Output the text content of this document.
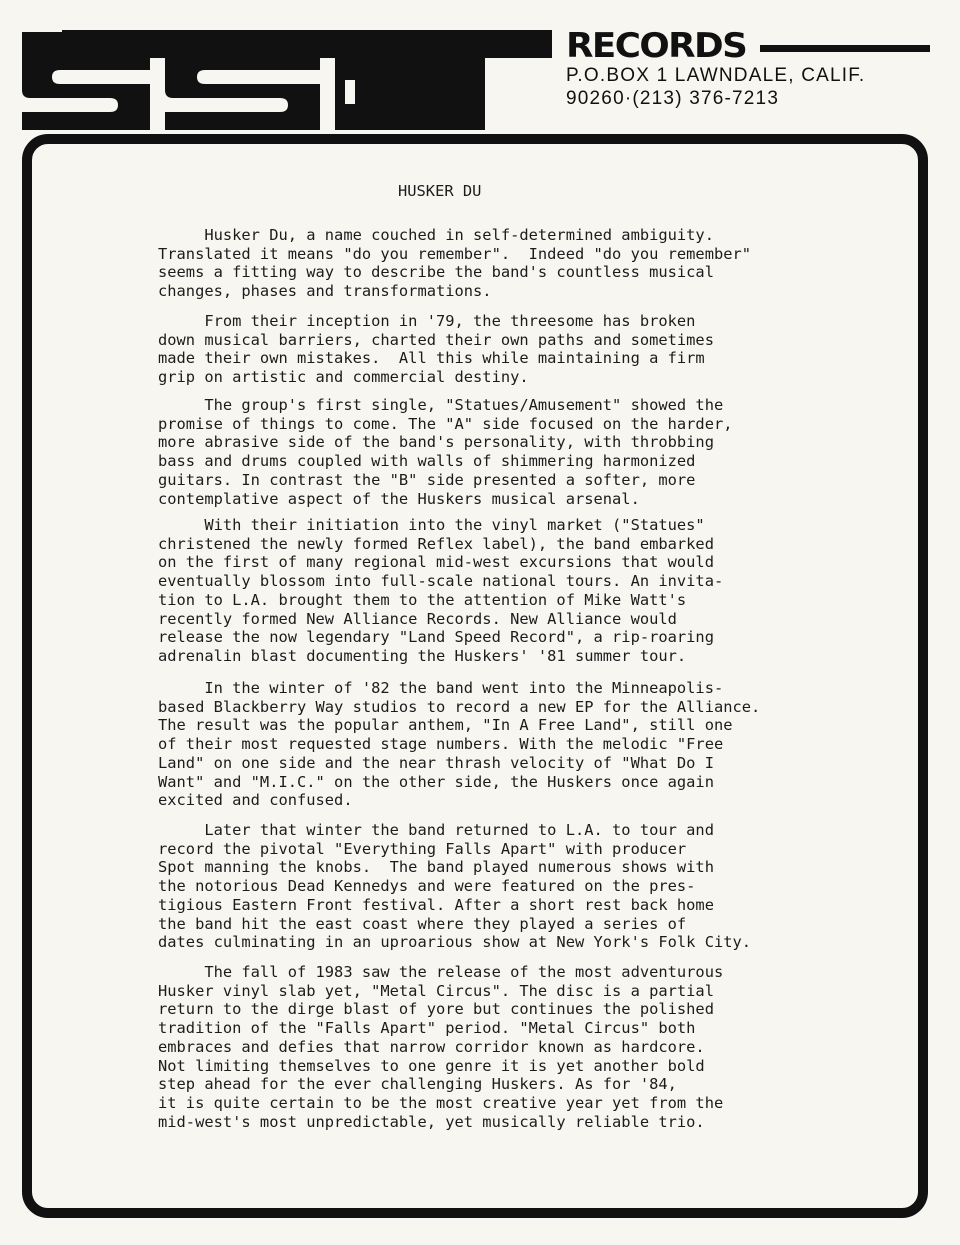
RECORDS
P.O.BOX 1 LAWNDALE, CALIF.
90260·(213) 376-7213
HUSKER DU
Husker Du, a name couched in self-determined ambiguity.
Translated it means "do you remember".  Indeed "do you remember"
seems a fitting way to describe the band's countless musical
changes, phases and transformations.
From their inception in '79, the threesome has broken
down musical barriers, charted their own paths and sometimes
made their own mistakes.  All this while maintaining a firm
grip on artistic and commercial destiny.
The group's first single, "Statues/Amusement" showed the
promise of things to come. The "A" side focused on the harder,
more abrasive side of the band's personality, with throbbing
bass and drums coupled with walls of shimmering harmonized
guitars. In contrast the "B" side presented a softer, more
contemplative aspect of the Huskers musical arsenal.
With their initiation into the vinyl market ("Statues"
christened the newly formed Reflex label), the band embarked
on the first of many regional mid-west excursions that would
eventually blossom into full-scale national tours. An invita-
tion to L.A. brought them to the attention of Mike Watt's
recently formed New Alliance Records. New Alliance would
release the now legendary "Land Speed Record", a rip-roaring
adrenalin blast documenting the Huskers' '81 summer tour.
In the winter of '82 the band went into the Minneapolis-
based Blackberry Way studios to record a new EP for the Alliance.
The result was the popular anthem, "In A Free Land", still one
of their most requested stage numbers. With the melodic "Free
Land" on one side and the near thrash velocity of "What Do I
Want" and "M.I.C." on the other side, the Huskers once again
excited and confused.
Later that winter the band returned to L.A. to tour and
record the pivotal "Everything Falls Apart" with producer
Spot manning the knobs.  The band played numerous shows with
the notorious Dead Kennedys and were featured on the pres-
tigious Eastern Front festival. After a short rest back home
the band hit the east coast where they played a series of
dates culminating in an uproarious show at New York's Folk City.
The fall of 1983 saw the release of the most adventurous
Husker vinyl slab yet, "Metal Circus". The disc is a partial
return to the dirge blast of yore but continues the polished
tradition of the "Falls Apart" period. "Metal Circus" both
embraces and defies that narrow corridor known as hardcore.
Not limiting themselves to one genre it is yet another bold
step ahead for the ever challenging Huskers. As for '84,
it is quite certain to be the most creative year yet from the
mid-west's most unpredictable, yet musically reliable trio.
